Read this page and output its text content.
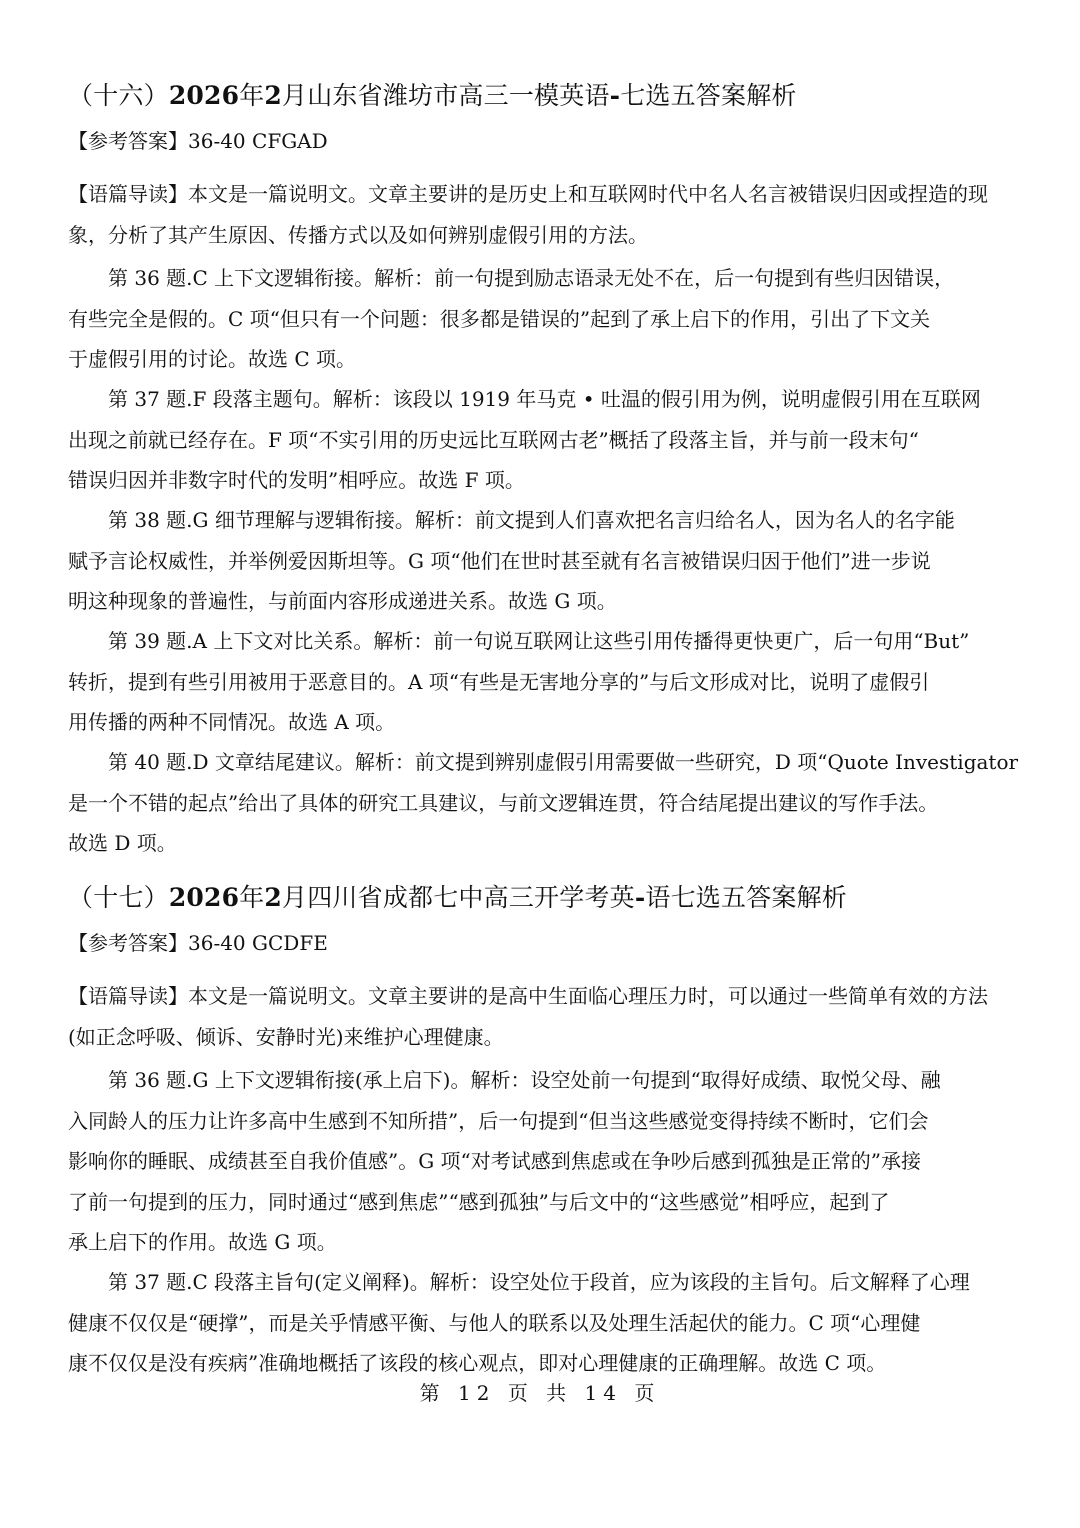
（十六）2026年2月山东省潍坊市高三一模英语-七选五答案解析
【参考答案】36-40 CFGAD
【语篇导读】本文是一篇说明文。文章主要讲的是历史上和互联网时代中名人名言被错误归因或捏造的现
象，分析了其产生原因、传播方式以及如何辨别虚假引用的方法。
第 36 题.C 上下文逻辑衔接。解析：前一句提到励志语录无处不在，后一句提到有些归因错误，
有些完全是假的。C 项“但只有一个问题：很多都是错误的”起到了承上启下的作用，引出了下文关
于虚假引用的讨论。故选 C 项。
第 37 题.F 段落主题句。解析：该段以 1919 年马克 • 吐温的假引用为例，说明虚假引用在互联网
出现之前就已经存在。F 项“不实引用的历史远比互联网古老”概括了段落主旨，并与前一段末句“
错误归因并非数字时代的发明”相呼应。故选 F 项。
第 38 题.G 细节理解与逻辑衔接。解析：前文提到人们喜欢把名言归给名人，因为名人的名字能
赋予言论权威性，并举例爱因斯坦等。G 项“他们在世时甚至就有名言被错误归因于他们”进一步说
明这种现象的普遍性，与前面内容形成递进关系。故选 G 项。
第 39 题.A 上下文对比关系。解析：前一句说互联网让这些引用传播得更快更广，后一句用“But”
转折，提到有些引用被用于恶意目的。A 项“有些是无害地分享的”与后文形成对比，说明了虚假引
用传播的两种不同情况。故选 A 项。
第 40 题.D 文章结尾建议。解析：前文提到辨别虚假引用需要做一些研究，D 项“Quote Investigator
是一个不错的起点”给出了具体的研究工具建议，与前文逻辑连贯，符合结尾提出建议的写作手法。
故选 D 项。
（十七）2026年2月四川省成都七中高三开学考英-语七选五答案解析
【参考答案】36-40 GCDFE
【语篇导读】本文是一篇说明文。文章主要讲的是高中生面临心理压力时，可以通过一些简单有效的方法
(如正念呼吸、倾诉、安静时光)来维护心理健康。
第 36 题.G 上下文逻辑衔接(承上启下)。解析：设空处前一句提到“取得好成绩、取悦父母、融
入同龄人的压力让许多高中生感到不知所措”，后一句提到“但当这些感觉变得持续不断时，它们会
影响你的睡眠、成绩甚至自我价值感”。G 项“对考试感到焦虑或在争吵后感到孤独是正常的”承接
了前一句提到的压力，同时通过“感到焦虑”“感到孤独”与后文中的“这些感觉”相呼应，起到了
承上启下的作用。故选 G 项。
第 37 题.C 段落主旨句(定义阐释)。解析：设空处位于段首，应为该段的主旨句。后文解释了心理
健康不仅仅是“硬撑”，而是关乎情感平衡、与他人的联系以及处理生活起伏的能力。C 项“心理健
康不仅仅是没有疾病”准确地概括了该段的核心观点，即对心理健康的正确理解。故选 C 项。
第 12 页 共 14 页
